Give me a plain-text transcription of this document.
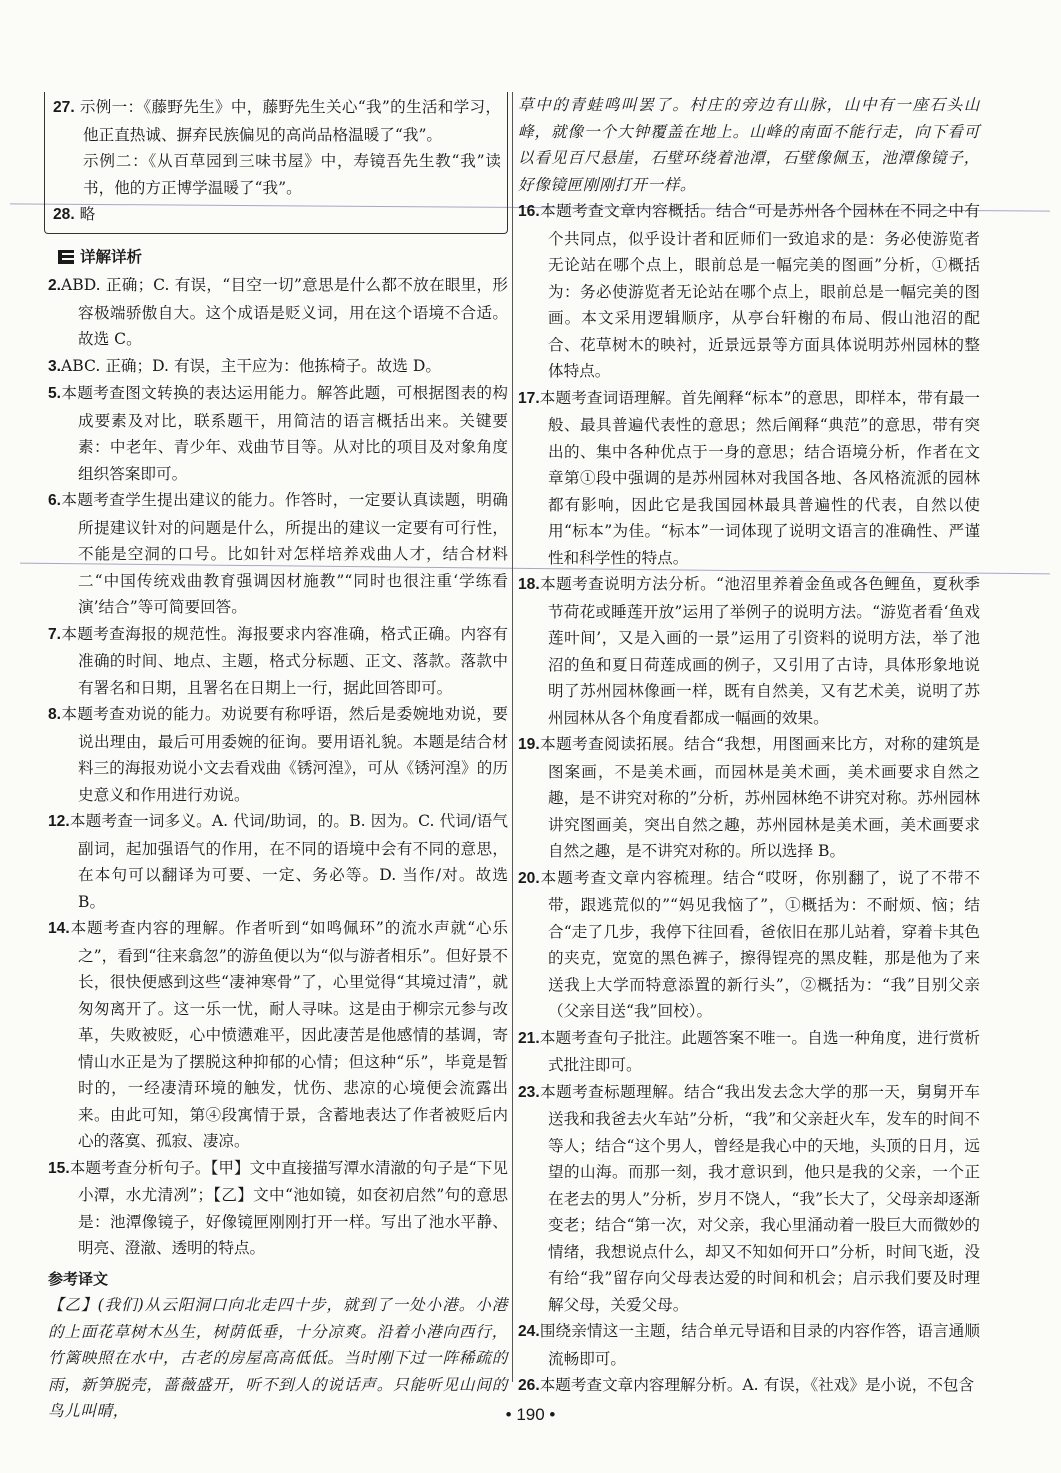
27. 示例一：《藤野先生》中，藤野先生关心“我”的生活和学习，他正直热诚、摒弃民族偏见的高尚品格温暖了“我”。

示例二：《从百草园到三味书屋》中，寿镜吾先生教“我”读书，他的方正博学温暖了“我”。

28. 略

详解详析

2.ABD. 正确；C. 有误，“目空一切”意思是什么都不放在眼里，形容极端骄傲自大。这个成语是贬义词，用在这个语境不合适。故选 C。

3.ABC. 正确；D. 有误，主干应为：他拣椅子。故选 D。

5.本题考查图文转换的表达运用能力。解答此题，可根据图表的构成要素及对比，联系题干，用简洁的语言概括出来。关键要素：中老年、青少年、戏曲节目等。从对比的项目及对象角度组织答案即可。

6.本题考查学生提出建议的能力。作答时，一定要认真读题，明确所提建议针对的问题是什么，所提出的建议一定要有可行性，不能是空洞的口号。比如针对怎样培养戏曲人才，结合材料二“中国传统戏曲教育强调因材施教”“同时也很注重‘学练看演’结合”等可简要回答。

7.本题考查海报的规范性。海报要求内容准确，格式正确。内容有准确的时间、地点、主题，格式分标题、正文、落款。落款中有署名和日期，且署名在日期上一行，据此回答即可。

8.本题考查劝说的能力。劝说要有称呼语，然后是委婉地劝说，要说出理由，最后可用委婉的征询。要用语礼貌。本题是结合材料三的海报劝说小文去看戏曲《锈河湟》，可从《锈河湟》的历史意义和作用进行劝说。

12.本题考查一词多义。A. 代词/助词，的。B. 因为。C. 代词/语气副词，起加强语气的作用，在不同的语境中会有不同的意思，在本句可以翻译为可要、一定、务必等。D. 当作/对。故选 B。

14.本题考查内容的理解。作者听到“如鸣佩环”的流水声就“心乐之”，看到“往来翕忽”的游鱼便以为“似与游者相乐”。但好景不长，很快便感到这些“凄神寒骨”了，心里觉得“其境过清”，就匆匆离开了。这一乐一忧，耐人寻味。这是由于柳宗元参与改革，失败被贬，心中愤懑难平，因此凄苦是他感情的基调，寄情山水正是为了摆脱这种抑郁的心情；但这种“乐”，毕竟是暂时的，一经凄清环境的触发，忧伤、悲凉的心境便会流露出来。由此可知，第④段寓情于景，含蓄地表达了作者被贬后内心的落寞、孤寂、凄凉。

15.本题考查分析句子。【甲】文中直接描写潭水清澈的句子是“下见小潭，水尤清冽”；【乙】文中“池如镜，如奁初启然”句的意思是：池潭像镜子，好像镜匣刚刚打开一样。写出了池水平静、明亮、澄澈、透明的特点。

参考译文

【乙】(我们)从云阳洞口向北走四十步，就到了一处小港。小港的上面花草树木丛生，树荫低垂，十分凉爽。沿着小港向西行，竹篱映照在水中，古老的房屋高高低低。当时刚下过一阵稀疏的雨，新笋脱壳，蔷薇盛开，听不到人的说话声。只能听见山间的鸟儿叫晴，

草中的青蛙鸣叫罢了。村庄的旁边有山脉，山中有一座石头山峰，就像一个大钟覆盖在地上。山峰的南面不能行走，向下看可以看见百尺悬崖，石壁环绕着池潭，石壁像佩玉，池潭像镜子，好像镜匣刚刚打开一样。

16.本题考查文章内容概括。结合“可是苏州各个园林在不同之中有个共同点，似乎设计者和匠师们一致追求的是：务必使游览者无论站在哪个点上，眼前总是一幅完美的图画”分析，①概括为：务必使游览者无论站在哪个点上，眼前总是一幅完美的图画。本文采用逻辑顺序，从亭台轩榭的布局、假山池沼的配合、花草树木的映衬，近景远景等方面具体说明苏州园林的整体特点。

17.本题考查词语理解。首先阐释“标本”的意思，即样本，带有最一般、最具普遍代表性的意思；然后阐释“典范”的意思，带有突出的、集中各种优点于一身的意思；结合语境分析，作者在文章第①段中强调的是苏州园林对我国各地、各风格流派的园林都有影响，因此它是我国园林最具普遍性的代表，自然以使用“标本”为佳。“标本”一词体现了说明文语言的准确性、严谨性和科学性的特点。

18.本题考查说明方法分析。“池沼里养着金鱼或各色鲤鱼，夏秋季节荷花或睡莲开放”运用了举例子的说明方法。“游览者看‘鱼戏莲叶间’，又是入画的一景”运用了引资料的说明方法，举了池沼的鱼和夏日荷莲成画的例子，又引用了古诗，具体形象地说明了苏州园林像画一样，既有自然美，又有艺术美，说明了苏州园林从各个角度看都成一幅画的效果。

19.本题考查阅读拓展。结合“我想，用图画来比方，对称的建筑是图案画，不是美术画，而园林是美术画，美术画要求自然之趣，是不讲究对称的”分析，苏州园林绝不讲究对称。苏州园林讲究图画美，突出自然之趣，苏州园林是美术画，美术画要求自然之趣，是不讲究对称的。所以选择 B。

20.本题考查文章内容梳理。结合“哎呀，你别翻了，说了不带不带，跟逃荒似的”“妈见我恼了”，①概括为：不耐烦、恼；结合“走了几步，我停下往回看，爸依旧在那儿站着，穿着卡其色的夹克，宽宽的黑色裤子，擦得锃亮的黑皮鞋，那是他为了来送我上大学而特意添置的新行头”，②概括为：“我”目别父亲（父亲目送“我”回校）。

21.本题考查句子批注。此题答案不唯一。自选一种角度，进行赏析式批注即可。

23.本题考查标题理解。结合“我出发去念大学的那一天，舅舅开车送我和我爸去火车站”分析，“我”和父亲赶火车，发车的时间不等人；结合“这个男人，曾经是我心中的天地，头顶的日月，远望的山海。而那一刻，我才意识到，他只是我的父亲，一个正在老去的男人”分析，岁月不饶人，“我”长大了，父母亲却逐渐变老；结合“第一次，对父亲，我心里涌动着一股巨大而微妙的情绪，我想说点什么，却又不知如何开口”分析，时间飞逝，没有给“我”留存向父母表达爱的时间和机会；启示我们要及时理解父母，关爱父母。

24.围绕亲情这一主题，结合单元导语和目录的内容作答，语言通顺流畅即可。

26.本题考查文章内容理解分析。A. 有误，《社戏》是小说，不包含

• 190 •
